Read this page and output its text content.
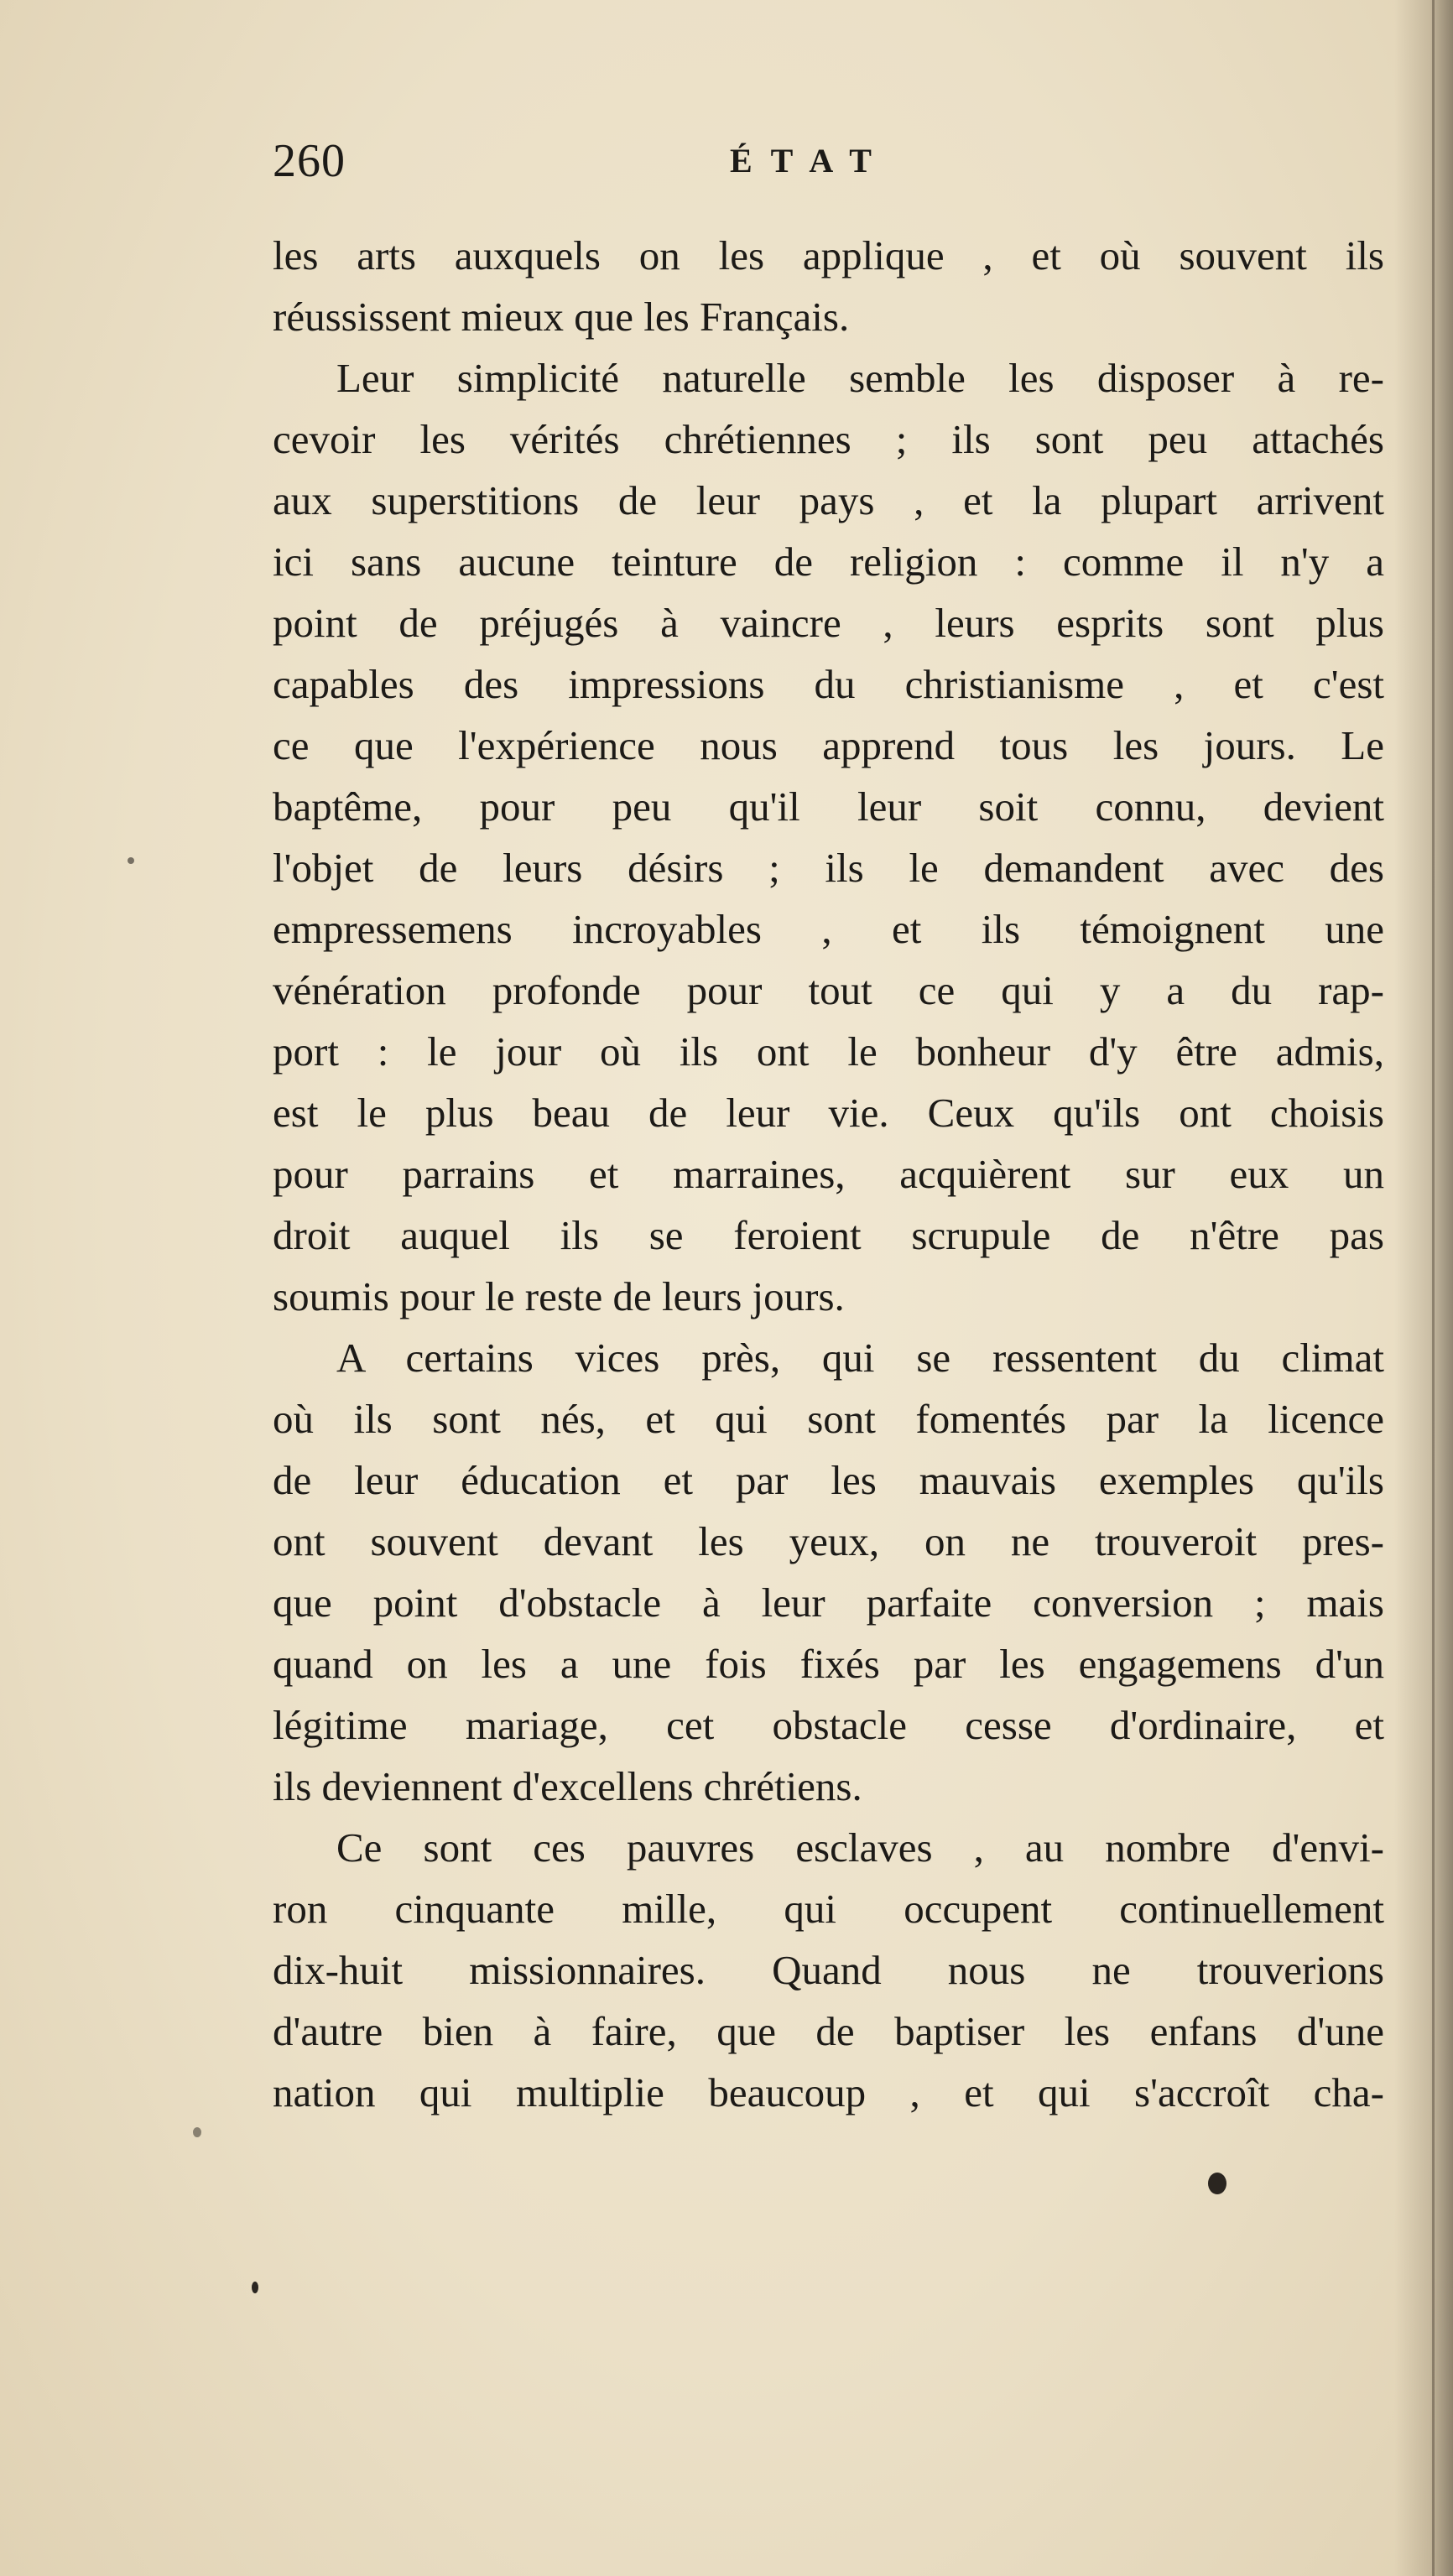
260	ÉTAT
les arts auxquels on les applique , et où souvent ils
réussissent mieux que les Français.
Leur simplicité naturelle semble les disposer à re-
cevoir les vérités chrétiennes ; ils sont peu attachés
aux superstitions de leur pays , et la plupart arrivent
ici sans aucune teinture de religion : comme il n'y a
point de préjugés à vaincre , leurs esprits sont plus
capables des impressions du christianisme , et c'est
ce que l'expérience nous apprend tous les jours. Le
baptême, pour peu qu'il leur soit connu, devient
l'objet de leurs désirs ; ils le demandent avec des
empressemens incroyables , et ils témoignent une
vénération profonde pour tout ce qui y a du rap-
port : le jour où ils ont le bonheur d'y être admis,
est le plus beau de leur vie. Ceux qu'ils ont choisis
pour parrains et marraines, acquièrent sur eux un
droit auquel ils se feroient scrupule de n'être pas
soumis pour le reste de leurs jours.
A certains vices près, qui se ressentent du climat
où ils sont nés, et qui sont fomentés par la licence
de leur éducation et par les mauvais exemples qu'ils
ont souvent devant les yeux, on ne trouveroit pres-
que point d'obstacle à leur parfaite conversion ; mais
quand on les a une fois fixés par les engagemens d'un
légitime mariage, cet obstacle cesse d'ordinaire, et
ils deviennent d'excellens chrétiens.
Ce sont ces pauvres esclaves , au nombre d'envi-
ron cinquante mille, qui occupent continuellement
dix-huit missionnaires. Quand nous ne trouverions
d'autre bien à faire, que de baptiser les enfans d'une
nation qui multiplie beaucoup , et qui s'accroît cha-
